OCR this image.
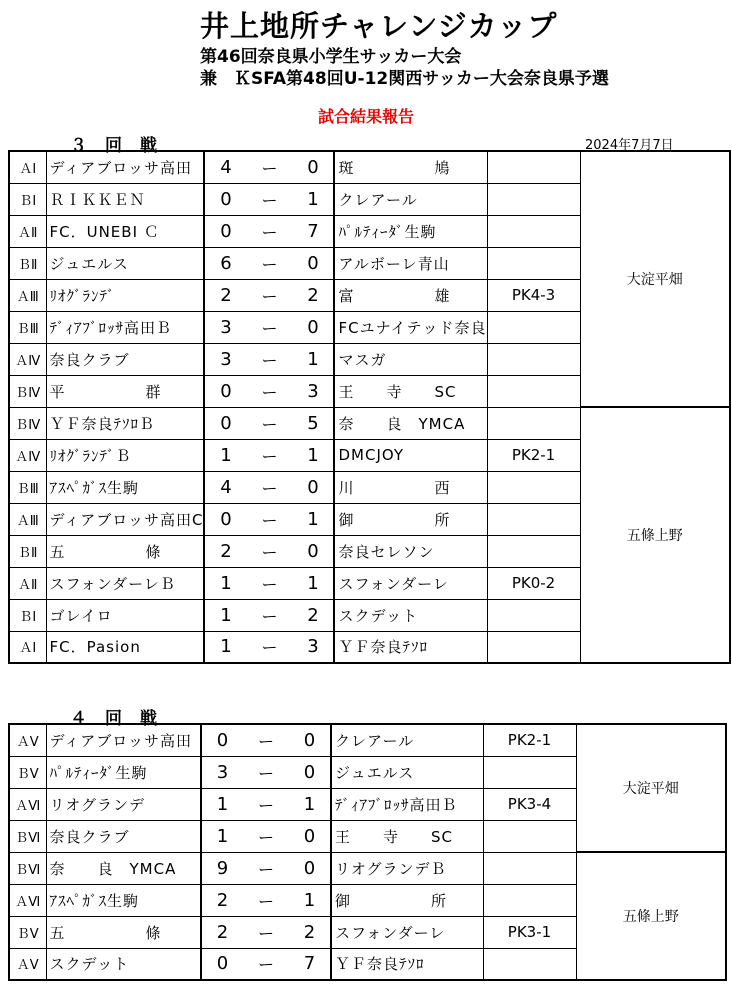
井上地所チャレンジカップ
第46回奈良県小学生サッカー大会
兼　ＫSFA第48回U-12関西サッカー大会奈良県予選
試合結果報告
３回戦	2024年7月7日
ＡⅠ	ディアブロッサ高田	4	ー	0	斑　　　　　鳩		大淀平畑
ＢⅠ	ＲＩＫＫＥＮ	0	ー	1	クレアール		
ＡⅡ	FC．UNEBI Ｃ	0	ー	7	ﾊﾟﾙﾃｨｰﾀﾞ生駒		
ＢⅡ	ジュエルス	6	ー	0	アルボーレ青山		
ＡⅢ	ﾘｵｸﾞﾗﾝﾃﾞ	2	ー	2	富　　　　　雄	PK4-3	
ＢⅢ	ﾃﾞｨｱﾌﾞﾛｯｻ高田Ｂ	3	ー	0	FCユナイテッド奈良		
ＡⅣ	奈良クラブ	3	ー	1	マスガ		
ＢⅣ	平　　　　　群	0	ー	3	王　　寺　　SC		
ＢⅣ	ＹＦ奈良ﾃｿﾛＢ	0	ー	5	奈　　良　YMCA		五條上野
ＡⅣ	ﾘｵｸﾞﾗﾝﾃﾞＢ	1	ー	1	DMCJOY	PK2-1	
ＢⅢ	ｱｽﾍﾟｶﾞｽ生駒	4	ー	0	川　　　　　西		
ＡⅢ	ディアブロッサ高田C	0	ー	1	御　　　　　所		
ＢⅡ	五　　　　　條	2	ー	0	奈良セレソン		
ＡⅡ	スフォンダーレＢ	1	ー	1	スフォンダーレ	PK0-2	
ＢⅠ	ゴレイロ	1	ー	2	スクデット		
ＡⅠ	FC．Pasion	1	ー	3	ＹＦ奈良ﾃｿﾛ		
４回戦
ＡⅤ	ディアブロッサ高田	0	ー	0	クレアール	PK2-1	大淀平畑
ＢⅤ	ﾊﾟﾙﾃｨｰﾀﾞ生駒	3	ー	0	ジュエルス		
ＡⅥ	リオグランデ	1	ー	1	ﾃﾞｨｱﾌﾞﾛｯｻ高田Ｂ	PK3-4	
ＢⅥ	奈良クラブ	1	ー	0	王　　寺　　SC		
ＢⅥ	奈　　良　YMCA	9	ー	0	リオグランデＢ		五條上野
ＡⅥ	ｱｽﾍﾟｶﾞｽ生駒	2	ー	1	御　　　　　所		
ＢⅤ	五　　　　　條	2	ー	2	スフォンダーレ	PK3-1	
ＡⅤ	スクデット	0	ー	7	ＹＦ奈良ﾃｿﾛ		
